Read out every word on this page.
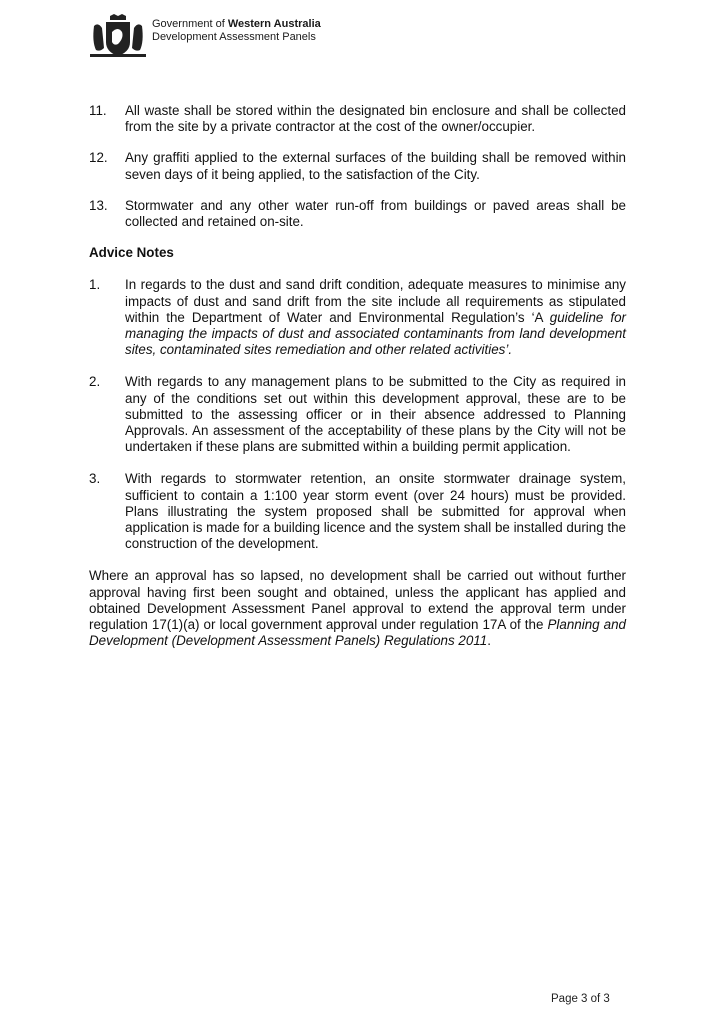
Government of Western Australia
Development Assessment Panels
11.	All waste shall be stored within the designated bin enclosure and shall be collected from the site by a private contractor at the cost of the owner/occupier.
12.	Any graffiti applied to the external surfaces of the building shall be removed within seven days of it being applied, to the satisfaction of the City.
13.	Stormwater and any other water run-off from buildings or paved areas shall be collected and retained on-site.
Advice Notes
1.	In regards to the dust and sand drift condition, adequate measures to minimise any impacts of dust and sand drift from the site include all requirements as stipulated within the Department of Water and Environmental Regulation’s ‘A guideline for managing the impacts of dust and associated contaminants from land development sites, contaminated sites remediation and other related activities’.
2.	With regards to any management plans to be submitted to the City as required in any of the conditions set out within this development approval, these are to be submitted to the assessing officer or in their absence addressed to Planning Approvals. An assessment of the acceptability of these plans by the City will not be undertaken if these plans are submitted within a building permit application.
3.	With regards to stormwater retention, an onsite stormwater drainage system, sufficient to contain a 1:100 year storm event (over 24 hours) must be provided. Plans illustrating the system proposed shall be submitted for approval when application is made for a building licence and the system shall be installed during the construction of the development.
Where an approval has so lapsed, no development shall be carried out without further approval having first been sought and obtained, unless the applicant has applied and obtained Development Assessment Panel approval to extend the approval term under regulation 17(1)(a) or local government approval under regulation 17A of the Planning and Development (Development Assessment Panels) Regulations 2011.
Page 3 of 3
